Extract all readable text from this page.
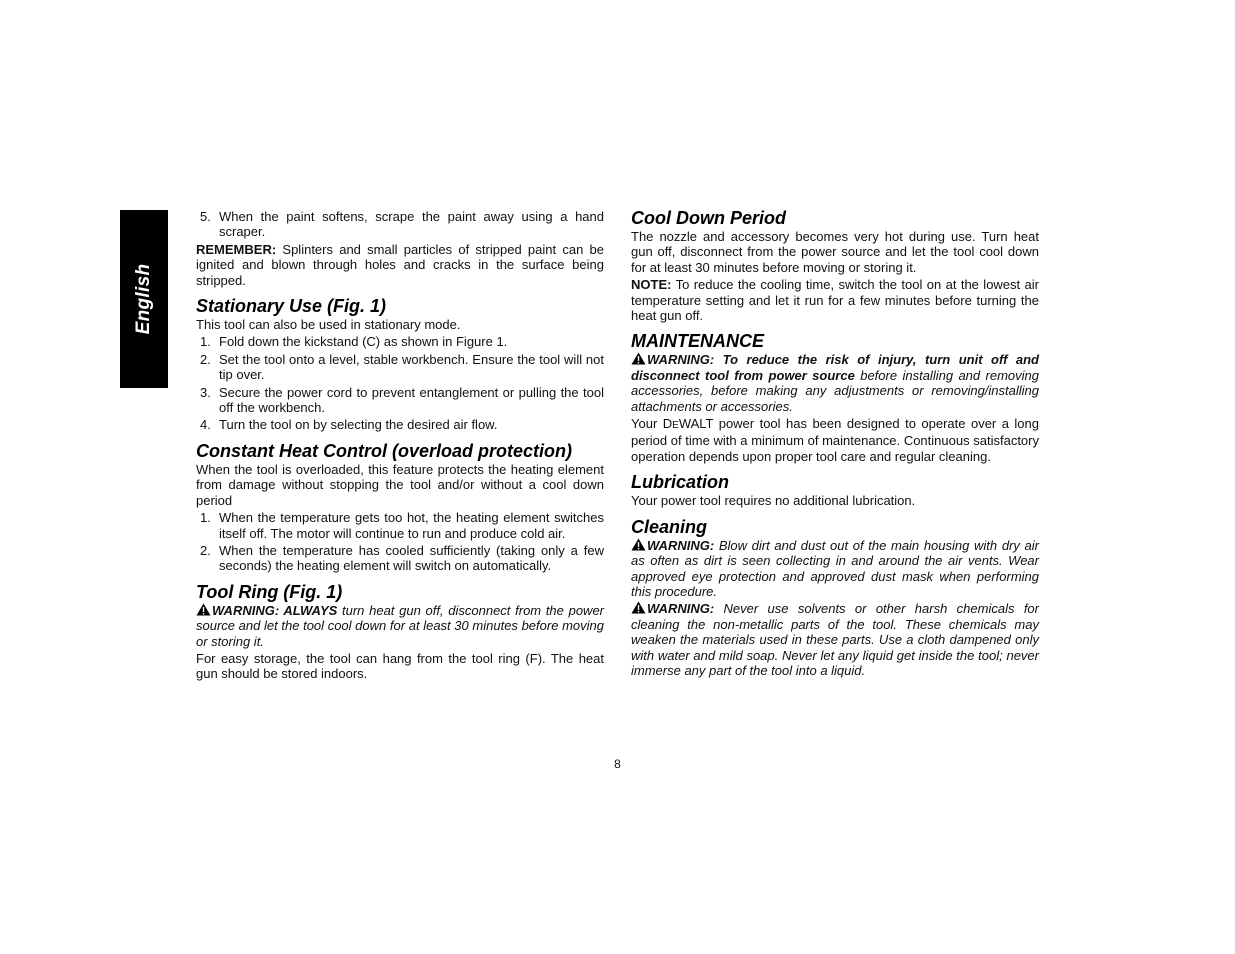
English
5. When the paint softens, scrape the paint away using a hand scraper.

REMEMBER: Splinters and small particles of stripped paint can be ignited and blown through holes and cracks in the surface being stripped.

Stationary Use (Fig. 1)

This tool can also be used in stationary mode.

1. Fold down the kickstand (C) as shown in Figure 1.
2. Set the tool onto a level, stable workbench. Ensure the tool will not tip over.
3. Secure the power cord to prevent entanglement or pulling the tool off the workbench.
4. Turn the tool on by selecting the desired air flow.
Constant Heat Control (overload protection)

When the tool is overloaded, this feature protects the heating element from damage without stopping the tool and/or without a cool down period

1. When the temperature gets too hot, the heating element switches itself off. The motor will continue to run and produce cold air.
2. When the temperature has cooled sufficiently (taking only a few seconds) the heating element will switch on automatically.
Tool Ring (Fig. 1)

WARNING: ALWAYS turn heat gun off, disconnect from the power source and let the tool cool down for at least 30 minutes before moving or storing it.

For easy storage, the tool can hang from the tool ring (F). The heat gun should be stored indoors.

Cool Down Period

The nozzle and accessory becomes very hot during use. Turn heat gun off, disconnect from the power source and let the tool cool down for at least 30 minutes before moving or storing it.

NOTE: To reduce the cooling time, switch the tool on at the lowest air temperature setting and let it run for a few minutes before turning the heat gun off.

MAINTENANCE

WARNING: To reduce the risk of injury, turn unit off and disconnect tool from power source before installing and removing accessories, before making any adjustments or removing/installing attachments or accessories.

Your DEWALT power tool has been designed to operate over a long period of time with a minimum of maintenance. Continuous satisfactory operation depends upon proper tool care and regular cleaning.

Lubrication

Your power tool requires no additional lubrication.

Cleaning

WARNING: Blow dirt and dust out of the main housing with dry air as often as dirt is seen collecting in and around the air vents. Wear approved eye protection and approved dust mask when performing this procedure.

WARNING: Never use solvents or other harsh chemicals for cleaning the non-metallic parts of the tool. These chemicals may weaken the materials used in these parts. Use a cloth dampened only with water and mild soap. Never let any liquid get inside the tool; never immerse any part of the tool into a liquid.

8
